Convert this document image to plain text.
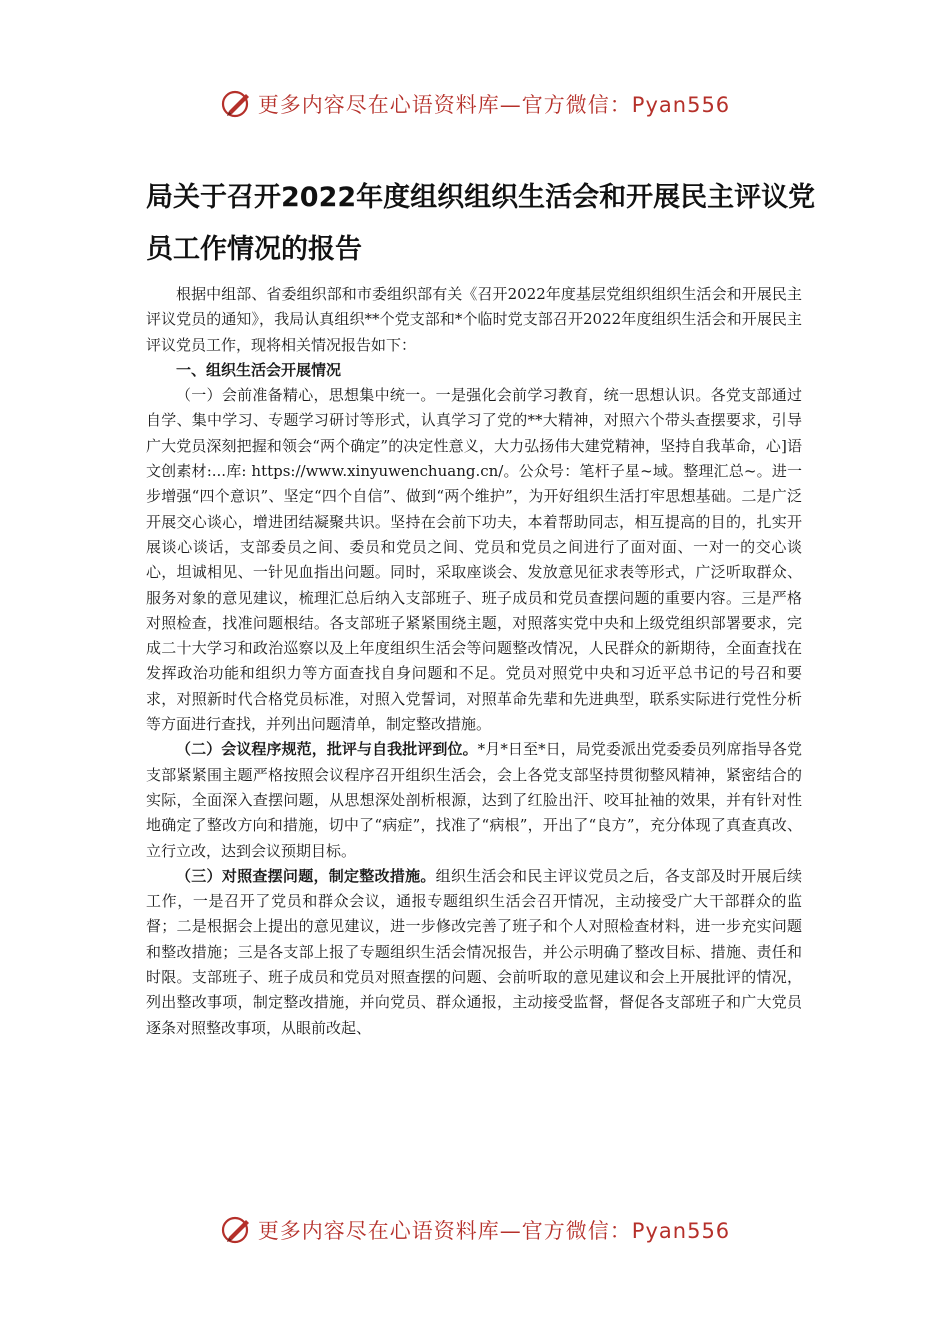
更多内容尽在心语资料库—官方微信：Pyan556
局关于召开2022年度组织组织生活会和开展民主评议党员工作情况的报告

根据中组部、省委组织部和市委组织部有关《召开2022年度基层党组织组织生活会和开展民主评议党员的通知》，我局认真组织**个党支部和*个临时党支部召开2022年度组织生活会和开展民主评议党员工作，现将相关情况报告如下：

一、组织生活会开展情况

（一）会前准备精心，思想集中统一。一是强化会前学习教育，统一思想认识。各党支部通过自学、集中学习、专题学习研讨等形式，认真学习了党的**大精神，对照六个带头查摆要求，引导广大党员深刻把握和领会“两个确定”的决定性意义，大力弘扬伟大建党精神，坚持自我革命，心]语文创素材:...库: https://www.xinyuwenchuang.cn/。公众号：笔杆子星~域。整理汇总~。进一步增强“四个意识”、坚定“四个自信”、做到“两个维护”，为开好组织生活打牢思想基础。二是广泛开展交心谈心，增进团结凝聚共识。坚持在会前下功夫，本着帮助同志，相互提高的目的，扎实开展谈心谈话，支部委员之间、委员和党员之间、党员和党员之间进行了面对面、一对一的交心谈心，坦诚相见、一针见血指出问题。同时，采取座谈会、发放意见征求表等形式，广泛听取群众、服务对象的意见建议，梳理汇总后纳入支部班子、班子成员和党员查摆问题的重要内容。三是严格对照检查，找准问题根结。各支部班子紧紧围绕主题，对照落实党中央和上级党组织部署要求，完成二十大学习和政治巡察以及上年度组织生活会等问题整改情况，人民群众的新期待，全面查找在发挥政治功能和组织力等方面查找自身问题和不足。党员对照党中央和习近平总书记的号召和要求，对照新时代合格党员标准，对照入党誓词，对照革命先辈和先进典型，联系实际进行党性分析等方面进行查找，并列出问题清单，制定整改措施。

（二）会议程序规范，批评与自我批评到位。*月*日至*日，局党委派出党委委员列席指导各党支部紧紧围主题严格按照会议程序召开组织生活会，会上各党支部坚持贯彻整风精神，紧密结合的实际，全面深入查摆问题，从思想深处剖析根源，达到了红脸出汗、咬耳扯袖的效果，并有针对性地确定了整改方向和措施，切中了“病症”，找准了“病根”，开出了“良方”，充分体现了真查真改、立行立改，达到会议预期目标。

（三）对照查摆问题，制定整改措施。组织生活会和民主评议党员之后，各支部及时开展后续工作，一是召开了党员和群众会议，通报专题组织生活会召开情况，主动接受广大干部群众的监督；二是根据会上提出的意见建议，进一步修改完善了班子和个人对照检查材料，进一步充实问题和整改措施；三是各支部上报了专题组织生活会情况报告，并公示明确了整改目标、措施、责任和时限。支部班子、班子成员和党员对照查摆的问题、会前听取的意见建议和会上开展批评的情况，列出整改事项，制定整改措施，并向党员、群众通报，主动接受监督，督促各支部班子和广大党员逐条对照整改事项，从眼前改起、

更多内容尽在心语资料库—官方微信：Pyan556
